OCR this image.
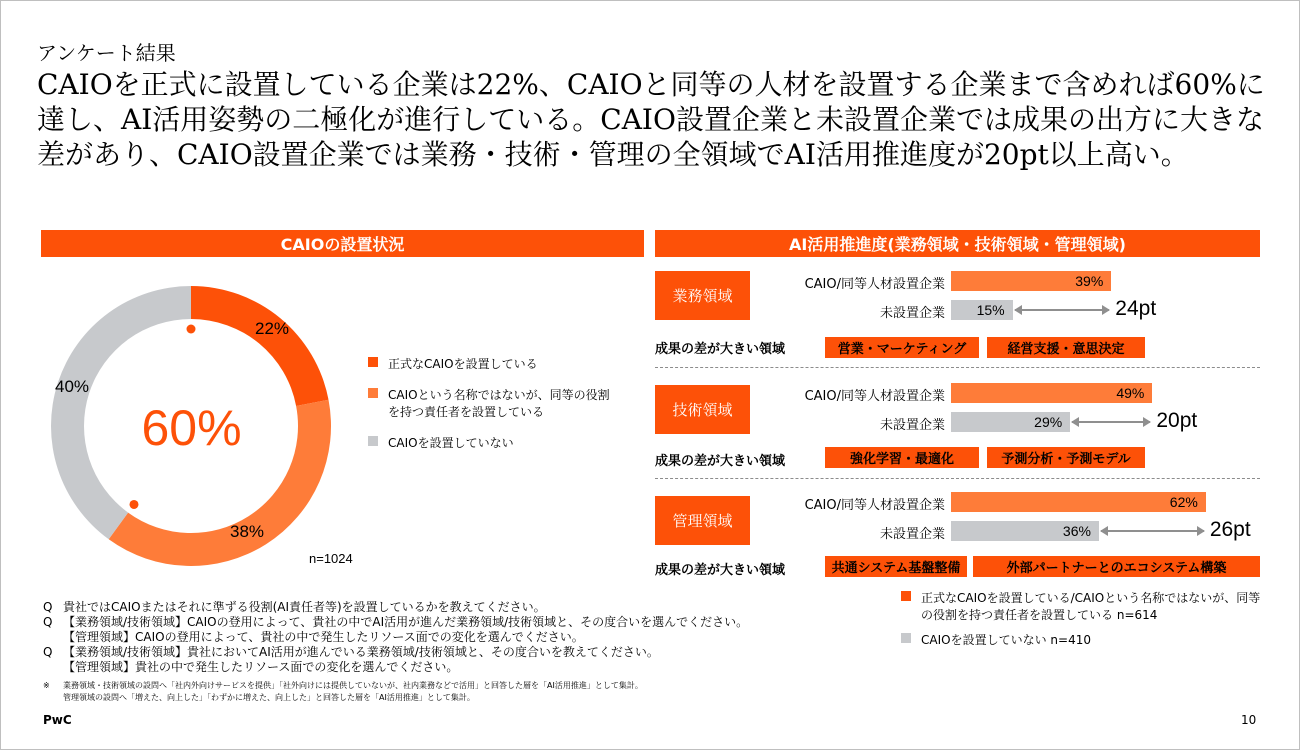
アンケート結果
CAIOを正式に設置している企業は22%、CAIOと同等の人材を設置する企業まで含めれば60%に達し、AI活用姿勢の二極化が進行している。CAIO設置企業と未設置企業では成果の出方に大きな差があり、CAIO設置企業では業務・技術・管理の全領域でAI活用推進度が20pt以上高い。
CAIOの設置状況
60%
22%
38%
40%
n=1024
正式なCAIOを設置している
CAIOという名称ではないが、同等の役割を持つ責任者を設置している
CAIOを設置していない
AI活用推進度(業務領域・技術領域・管理領域)
業務領域
CAIO/同等人材設置企業	39%
未設置企業	15%	24pt
成果の差が大きい領域	営業・マーケティング	経営支援・意思決定
技術領域
CAIO/同等人材設置企業	49%
未設置企業	29%	20pt
成果の差が大きい領域	強化学習・最適化	予測分析・予測モデル
管理領域
CAIO/同等人材設置企業	62%
未設置企業	36%	26pt
成果の差が大きい領域	共通システム基盤整備	外部パートナーとのエコシステム構築
正式なCAIOを設置している/CAIOという名称ではないが、同等の役割を持つ責任者を設置している n=614
CAIOを設置していない n=410
Q 貴社ではCAIOまたはそれに準ずる役割(AI責任者等)を設置しているかを教えてください。
Q 【業務領域/技術領域】CAIOの登用によって、貴社の中でAI活用が進んだ業務領域/技術領域と、その度合いを選んでください。
【管理領域】CAIOの登用によって、貴社の中で発生したリソース面での変化を選んでください。
Q 【業務領域/技術領域】貴社においてAI活用が進んでいる業務領域/技術領域と、その度合いを教えてください。
【管理領域】貴社の中で発生したリソース面での変化を選んでください。
※	業務領域・技術領域の設問へ「社内外向けサービスを提供」「社外向けには提供していないが、社内業務などで活用」と回答した層を「AI活用推進」として集計。
管理領域の設問へ「増えた、向上した」「わずかに増えた、向上した」と回答した層を「AI活用推進」として集計。
PwC	10
